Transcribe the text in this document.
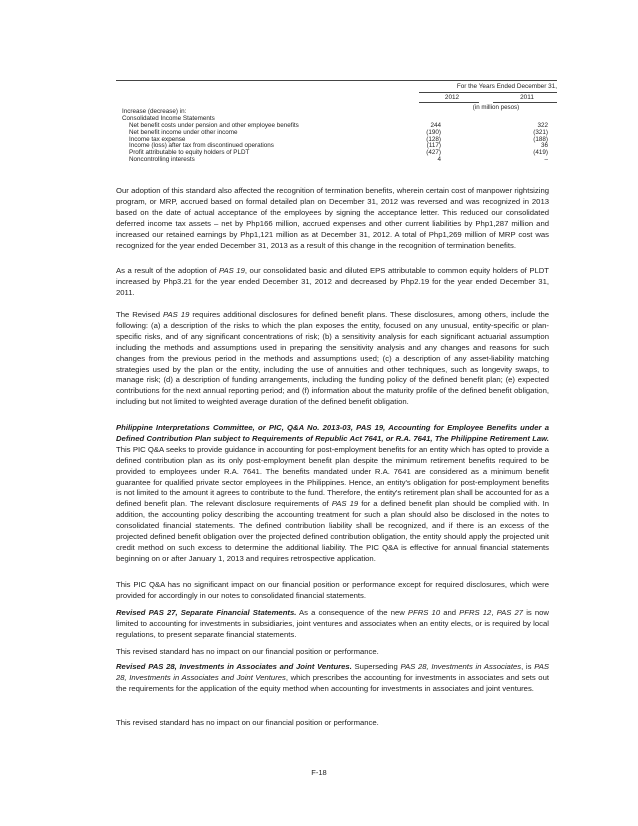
For the Years Ended December 31,
2012	2011
(in million pesos)
Increase (decrease) in:
Consolidated Income Statements
Net benefit costs under pension and other employee benefits	244	322
Net benefit income under other income	(190)	(321)
Income tax expense	(128)	(188)
Income (loss) after tax from discontinued operations	(117)	36
Profit attributable to equity holders of PLDT	(427)	(419)
Noncontrolling interests	4	–

Our adoption of this standard also affected the recognition of termination benefits, wherein certain cost of manpower rightsizing program, or MRP, accrued based on formal detailed plan on December 31, 2012 was reversed and was recognized in 2013 based on the date of actual acceptance of the employees by signing the acceptance letter. This reduced our consolidated deferred income tax assets – net by Php166 million, accrued expenses and other current liabilities by Php1,287 million and increased our retained earnings by Php1,121 million as at December 31, 2012. A total of Php1,269 million of MRP cost was recognized for the year ended December 31, 2013 as a result of this change in the recognition of termination benefits.

As a result of the adoption of PAS 19, our consolidated basic and diluted EPS attributable to common equity holders of PLDT increased by Php3.21 for the year ended December 31, 2012 and decreased by Php2.19 for the year ended December 31, 2011.

The Revised PAS 19 requires additional disclosures for defined benefit plans. These disclosures, among others, include the following: (a) a description of the risks to which the plan exposes the entity, focused on any unusual, entity-specific or plan-specific risks, and of any significant concentrations of risk; (b) a sensitivity analysis for each significant actuarial assumption including the methods and assumptions used in preparing the sensitivity analysis and any changes and reasons for such changes from the previous period in the methods and assumptions used; (c) a description of any asset-liability matching strategies used by the plan or the entity, including the use of annuities and other techniques, such as longevity swaps, to manage risk; (d) a description of funding arrangements, including the funding policy of the defined benefit plan; (e) expected contributions for the next annual reporting period; and (f) information about the maturity profile of the defined benefit obligation, including but not limited to weighted average duration of the defined benefit obligation.

Philippine Interpretations Committee, or PIC, Q&A No. 2013-03, PAS 19, Accounting for Employee Benefits under a Defined Contribution Plan subject to Requirements of Republic Act 7641, or R.A. 7641, The Philippine Retirement Law. This PIC Q&A seeks to provide guidance in accounting for post-employment benefits for an entity which has opted to provide a defined contribution plan as its only post-employment benefit plan despite the minimum retirement benefits required to be provided to employees under R.A. 7641. The benefits mandated under R.A. 7641 are considered as a minimum benefit guarantee for qualified private sector employees in the Philippines. Hence, an entity's obligation for post-employment benefits is not limited to the amount it agrees to contribute to the fund. Therefore, the entity's retirement plan shall be accounted for as a defined benefit plan. The relevant disclosure requirements of PAS 19 for a defined benefit plan should be complied with. In addition, the accounting policy describing the accounting treatment for such a plan should also be disclosed in the notes to consolidated financial statements. The defined contribution liability shall be recognized, and if there is an excess of the projected defined benefit obligation over the projected defined contribution obligation, the entity should apply the projected unit credit method on such excess to determine the additional liability. The PIC Q&A is effective for annual financial statements beginning on or after January 1, 2013 and requires retrospective application.

This PIC Q&A has no significant impact on our financial position or performance except for required disclosures, which were provided for accordingly in our notes to consolidated financial statements.

Revised PAS 27, Separate Financial Statements. As a consequence of the new PFRS 10 and PFRS 12, PAS 27 is now limited to accounting for investments in subsidiaries, joint ventures and associates when an entity elects, or is required by local regulations, to present separate financial statements.

This revised standard has no impact on our financial position or performance.

Revised PAS 28, Investments in Associates and Joint Ventures. Superseding PAS 28, Investments in Associates, is PAS 28, Investments in Associates and Joint Ventures, which prescribes the accounting for investments in associates and sets out the requirements for the application of the equity method when accounting for investments in associates and joint ventures.

This revised standard has no impact on our financial position or performance.

F-18
